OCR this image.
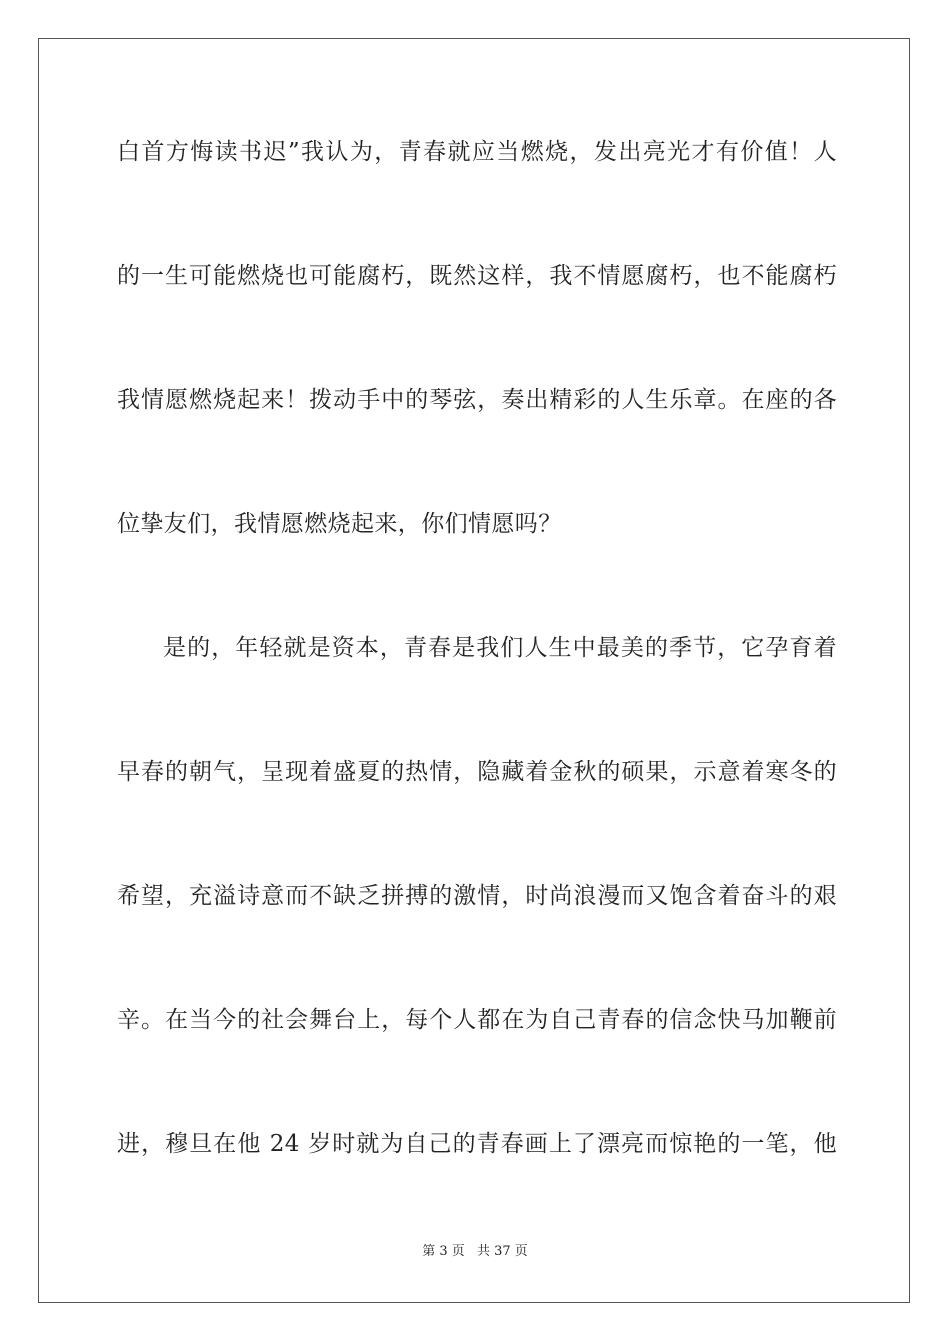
白首方悔读书迟”我认为，青春就应当燃烧，发出亮光才有价值！人
的一生可能燃烧也可能腐朽，既然这样，我不情愿腐朽，也不能腐朽
我情愿燃烧起来！拨动手中的琴弦，奏出精彩的人生乐章。在座的各
位挚友们，我情愿燃烧起来，你们情愿吗？
是的，年轻就是资本，青春是我们人生中最美的季节，它孕育着
早春的朝气，呈现着盛夏的热情，隐藏着金秋的硕果，示意着寒冬的
希望，充溢诗意而不缺乏拼搏的激情，时尚浪漫而又饱含着奋斗的艰
辛。在当今的社会舞台上，每个人都在为自己青春的信念快马加鞭前
进，穆旦在他 24 岁时就为自己的青春画上了漂亮而惊艳的一笔，他
第 3 页 共 37 页
